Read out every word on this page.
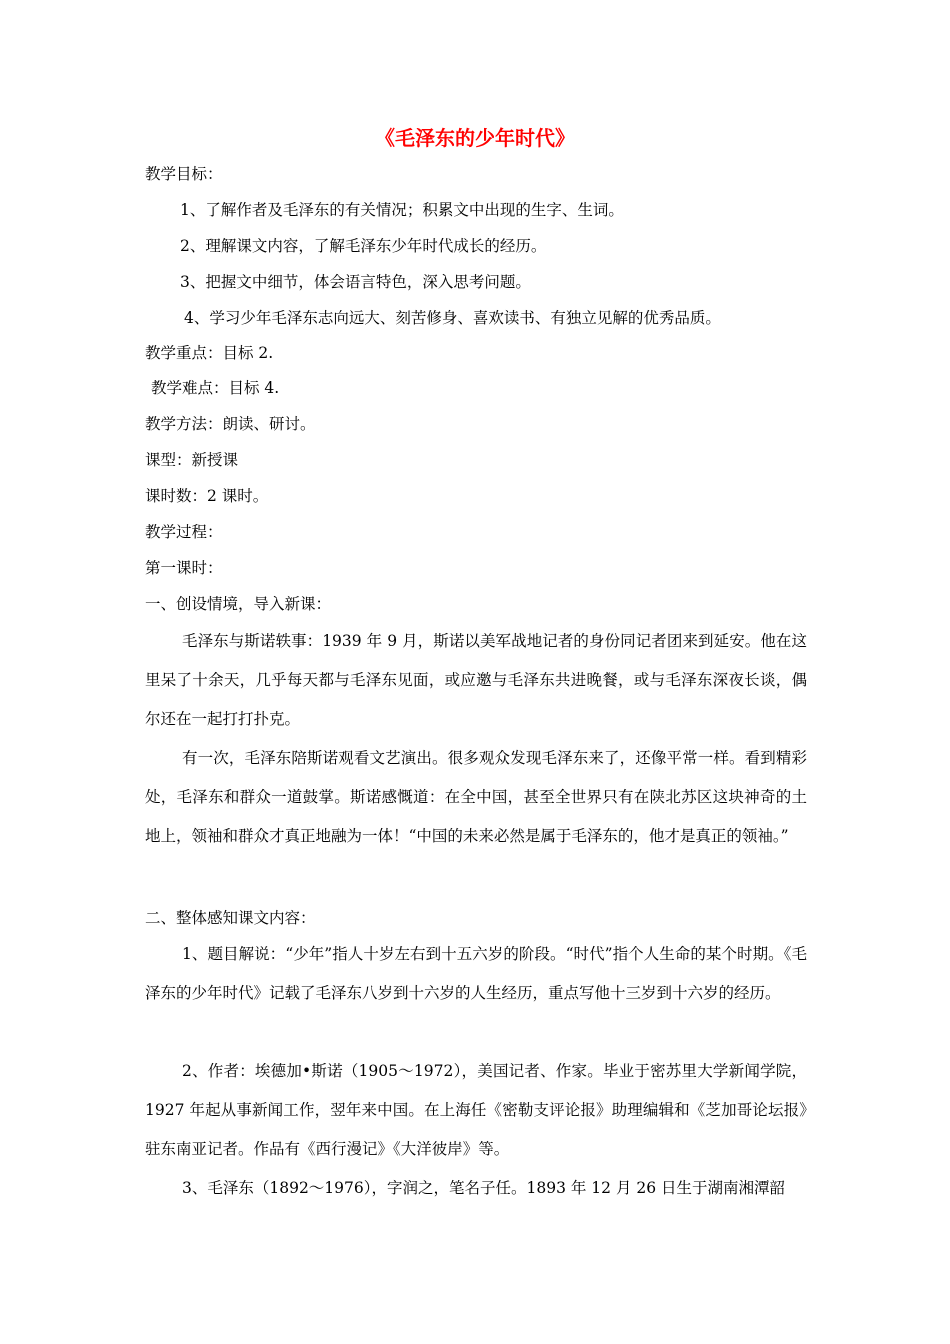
《毛泽东的少年时代》
教学目标：
1、了解作者及毛泽东的有关情况；积累文中出现的生字、生词。
2、理解课文内容，了解毛泽东少年时代成长的经历。
3、把握文中细节，体会语言特色，深入思考问题。
4、学习少年毛泽东志向远大、刻苦修身、喜欢读书、有独立见解的优秀品质。
教学重点：目标 2.
教学难点：目标 4.
教学方法：朗读、研讨。
课型：新授课
课时数：2 课时。
教学过程：
第一课时：
一、创设情境，导入新课：
毛泽东与斯诺轶事：1939 年 9 月，斯诺以美军战地记者的身份同记者团来到延安。他在这里呆了十余天，几乎每天都与毛泽东见面，或应邀与毛泽东共进晚餐，或与毛泽东深夜长谈，偶尔还在一起打打扑克。
有一次，毛泽东陪斯诺观看文艺演出。很多观众发现毛泽东来了，还像平常一样。看到精彩处，毛泽东和群众一道鼓掌。斯诺感慨道：在全中国，甚至全世界只有在陕北苏区这块神奇的土地上，领袖和群众才真正地融为一体！“中国的未来必然是属于毛泽东的，他才是真正的领袖。”
二、整体感知课文内容：
1、题目解说：“少年”指人十岁左右到十五六岁的阶段。“时代”指个人生命的某个时期。《毛泽东的少年时代》记载了毛泽东八岁到十六岁的人生经历，重点写他十三岁到十六岁的经历。
2、作者：埃德加•斯诺（1905～1972），美国记者、作家。毕业于密苏里大学新闻学院，1927 年起从事新闻工作，翌年来中国。在上海任《密勒支评论报》助理编辑和《芝加哥论坛报》驻东南亚记者。作品有《西行漫记》《大洋彼岸》等。
3、毛泽东（1892～1976），字润之，笔名子任。1893 年 12 月 26 日生于湖南湘潭韶
